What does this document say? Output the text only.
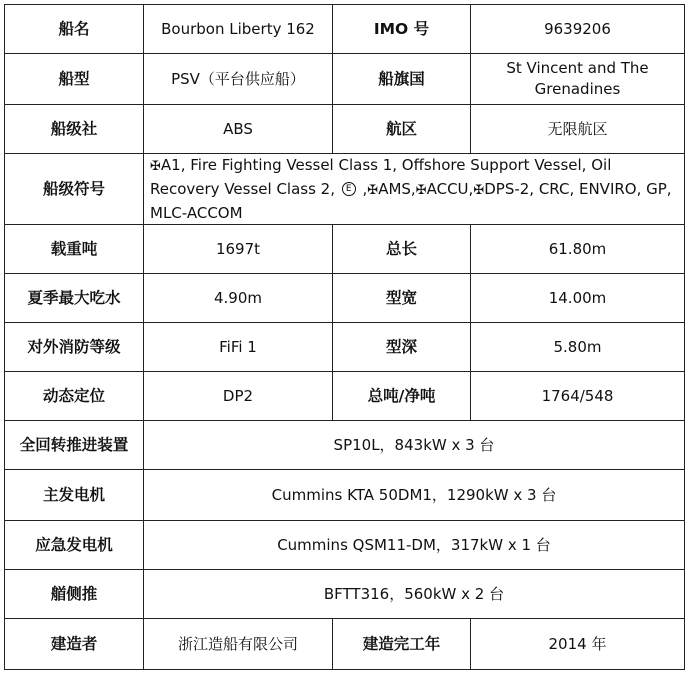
船名	Bourbon Liberty 162	IMO 号	9639206
船型	PSV（平台供应船）	船旗国	St Vincent and The Grenadines
船级社	ABS	航区	无限航区
船级符号	✠A1, Fire Fighting Vessel Class 1, Offshore Support Vessel, Oil Recovery Vessel Class 2, E ,✠AMS,✠ACCU,✠DPS-2, CRC, ENVIRO, GP, MLC-ACCOM		
载重吨	1697t	总长	61.80m
夏季最大吃水	4.90m	型宽	14.00m
对外消防等级	FiFi 1	型深	5.80m
动态定位	DP2	总吨/净吨	1764/548
全回转推进装置	SP10L，843kW x 3 台		
主发电机	Cummins KTA 50DM1，1290kW x 3 台		
应急发电机	Cummins QSM11-DM，317kW x 1 台		
艏侧推	BFTT316，560kW x 2 台		
建造者	浙江造船有限公司	建造完工年	2014 年
